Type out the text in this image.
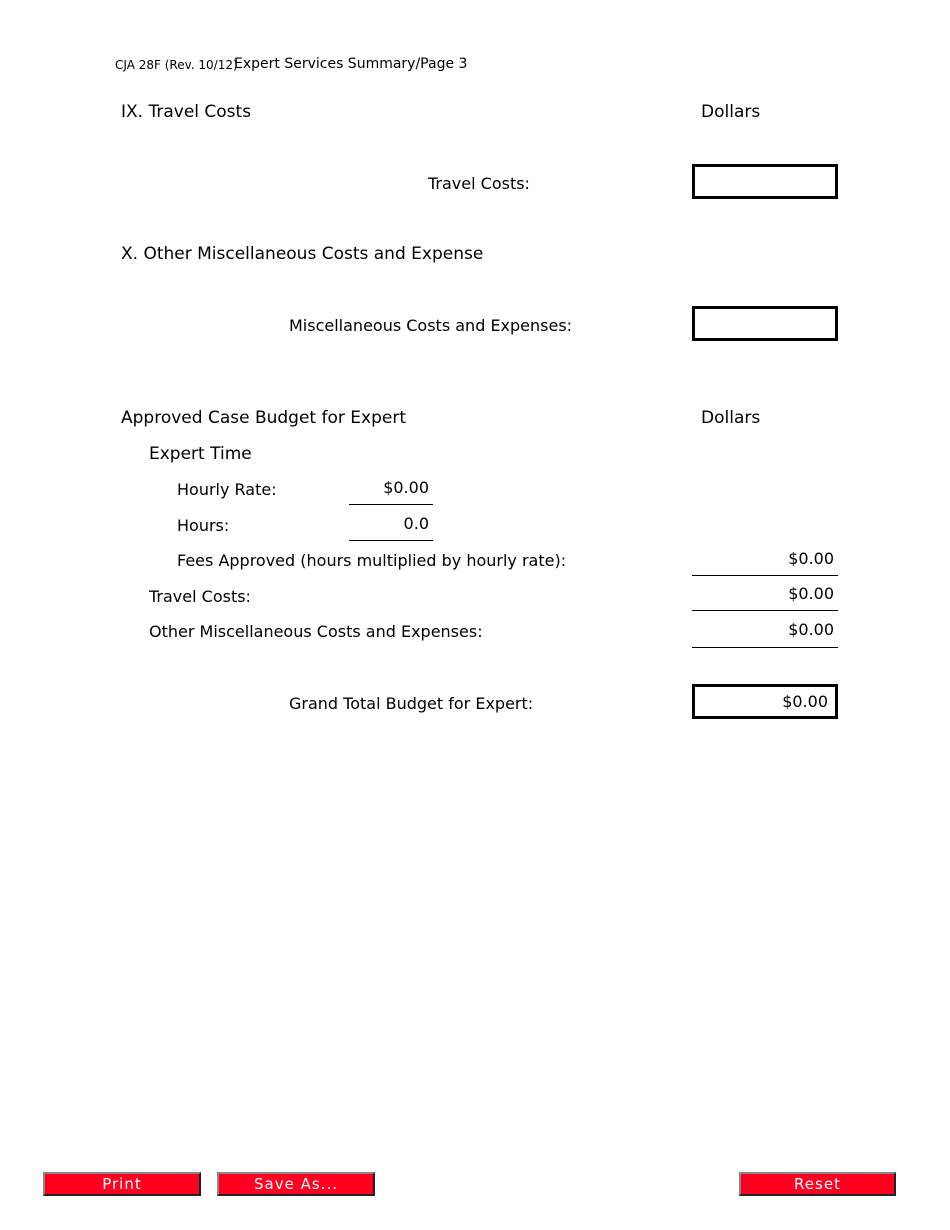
CJA 28F (Rev. 10/12)
Expert Services Summary/Page 3
IX. Travel Costs	Dollars
Travel Costs:
X. Other Miscellaneous Costs and Expense
Miscellaneous Costs and Expenses:
Approved Case Budget for Expert	Dollars
Expert Time
Hourly Rate:	$0.00
Hours:	0.0
Fees Approved (hours multiplied by hourly rate):	$0.00
Travel Costs:	$0.00
Other Miscellaneous Costs and Expenses:	$0.00
Grand Total Budget for Expert:	$0.00
Print	Save As...	Reset
